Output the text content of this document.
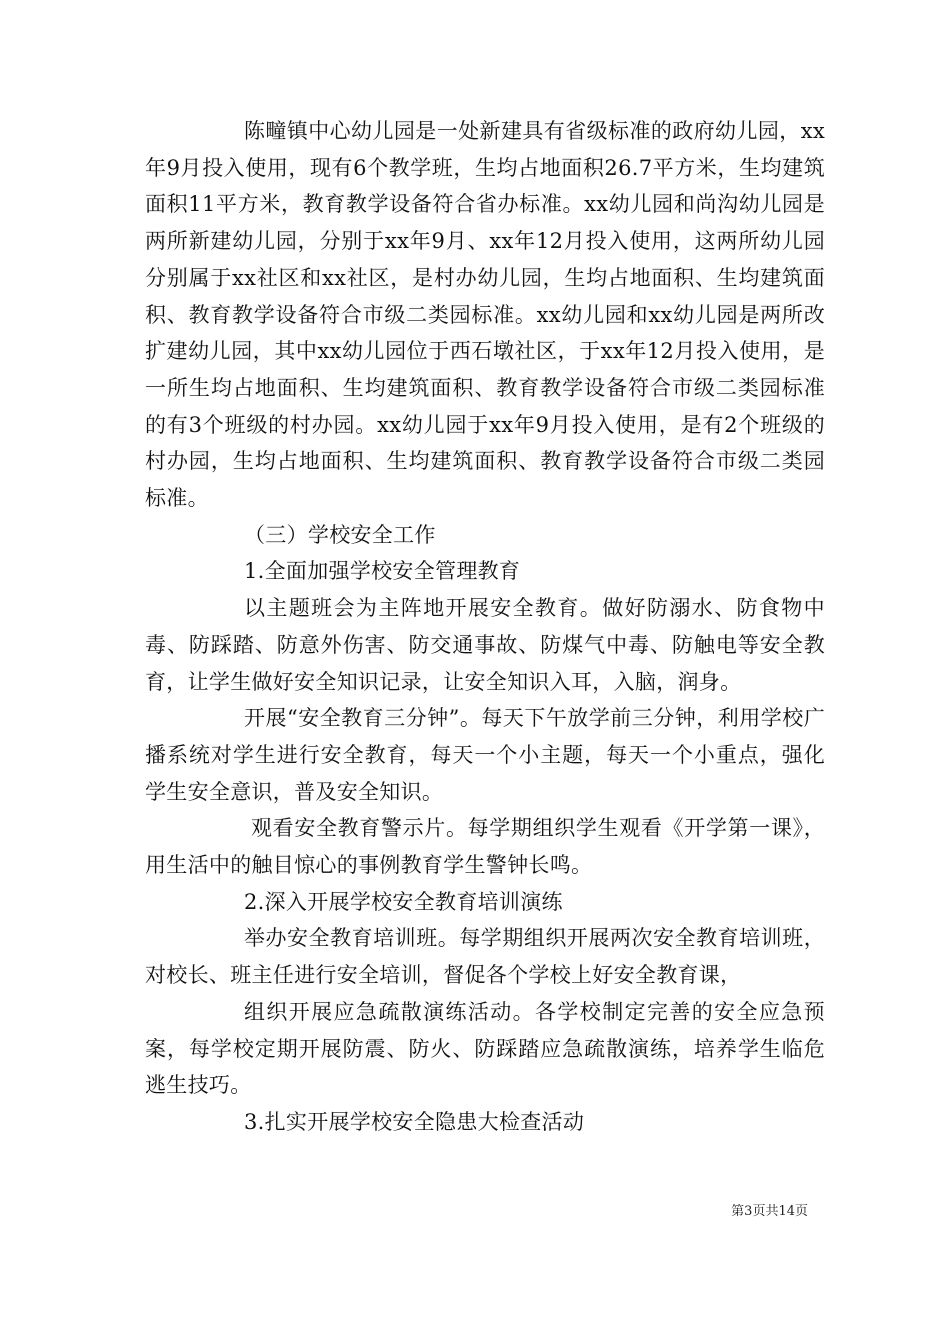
陈疃镇中心幼儿园是一处新建具有省级标准的政府幼儿园，xx年9月投入使用，现有6个教学班，生均占地面积26.7平方米，生均建筑面积11平方米，教育教学设备符合省办标准。xx幼儿园和尚沟幼儿园是两所新建幼儿园，分别于xx年9月、xx年12月投入使用，这两所幼儿园分别属于xx社区和xx社区，是村办幼儿园，生均占地面积、生均建筑面积、教育教学设备符合市级二类园标准。xx幼儿园和xx幼儿园是两所改扩建幼儿园，其中xx幼儿园位于西石墩社区，于xx年12月投入使用，是一所生均占地面积、生均建筑面积、教育教学设备符合市级二类园标准的有3个班级的村办园。xx幼儿园于xx年9月投入使用，是有2个班级的村办园，生均占地面积、生均建筑面积、教育教学设备符合市级二类园标准。

（三）学校安全工作

1.全面加强学校安全管理教育

以主题班会为主阵地开展安全教育。做好防溺水、防食物中毒、防踩踏、防意外伤害、防交通事故、防煤气中毒、防触电等安全教育，让学生做好安全知识记录，让安全知识入耳，入脑，润身。

开展“安全教育三分钟”。每天下午放学前三分钟，利用学校广播系统对学生进行安全教育，每天一个小主题，每天一个小重点，强化学生安全意识，普及安全知识。

观看安全教育警示片。每学期组织学生观看《开学第一课》，用生活中的触目惊心的事例教育学生警钟长鸣。

2.深入开展学校安全教育培训演练

举办安全教育培训班。每学期组织开展两次安全教育培训班，对校长、班主任进行安全培训，督促各个学校上好安全教育课，

组织开展应急疏散演练活动。各学校制定完善的安全应急预案，每学校定期开展防震、防火、防踩踏应急疏散演练，培养学生临危逃生技巧。

3.扎实开展学校安全隐患大检查活动

第3页共14页
